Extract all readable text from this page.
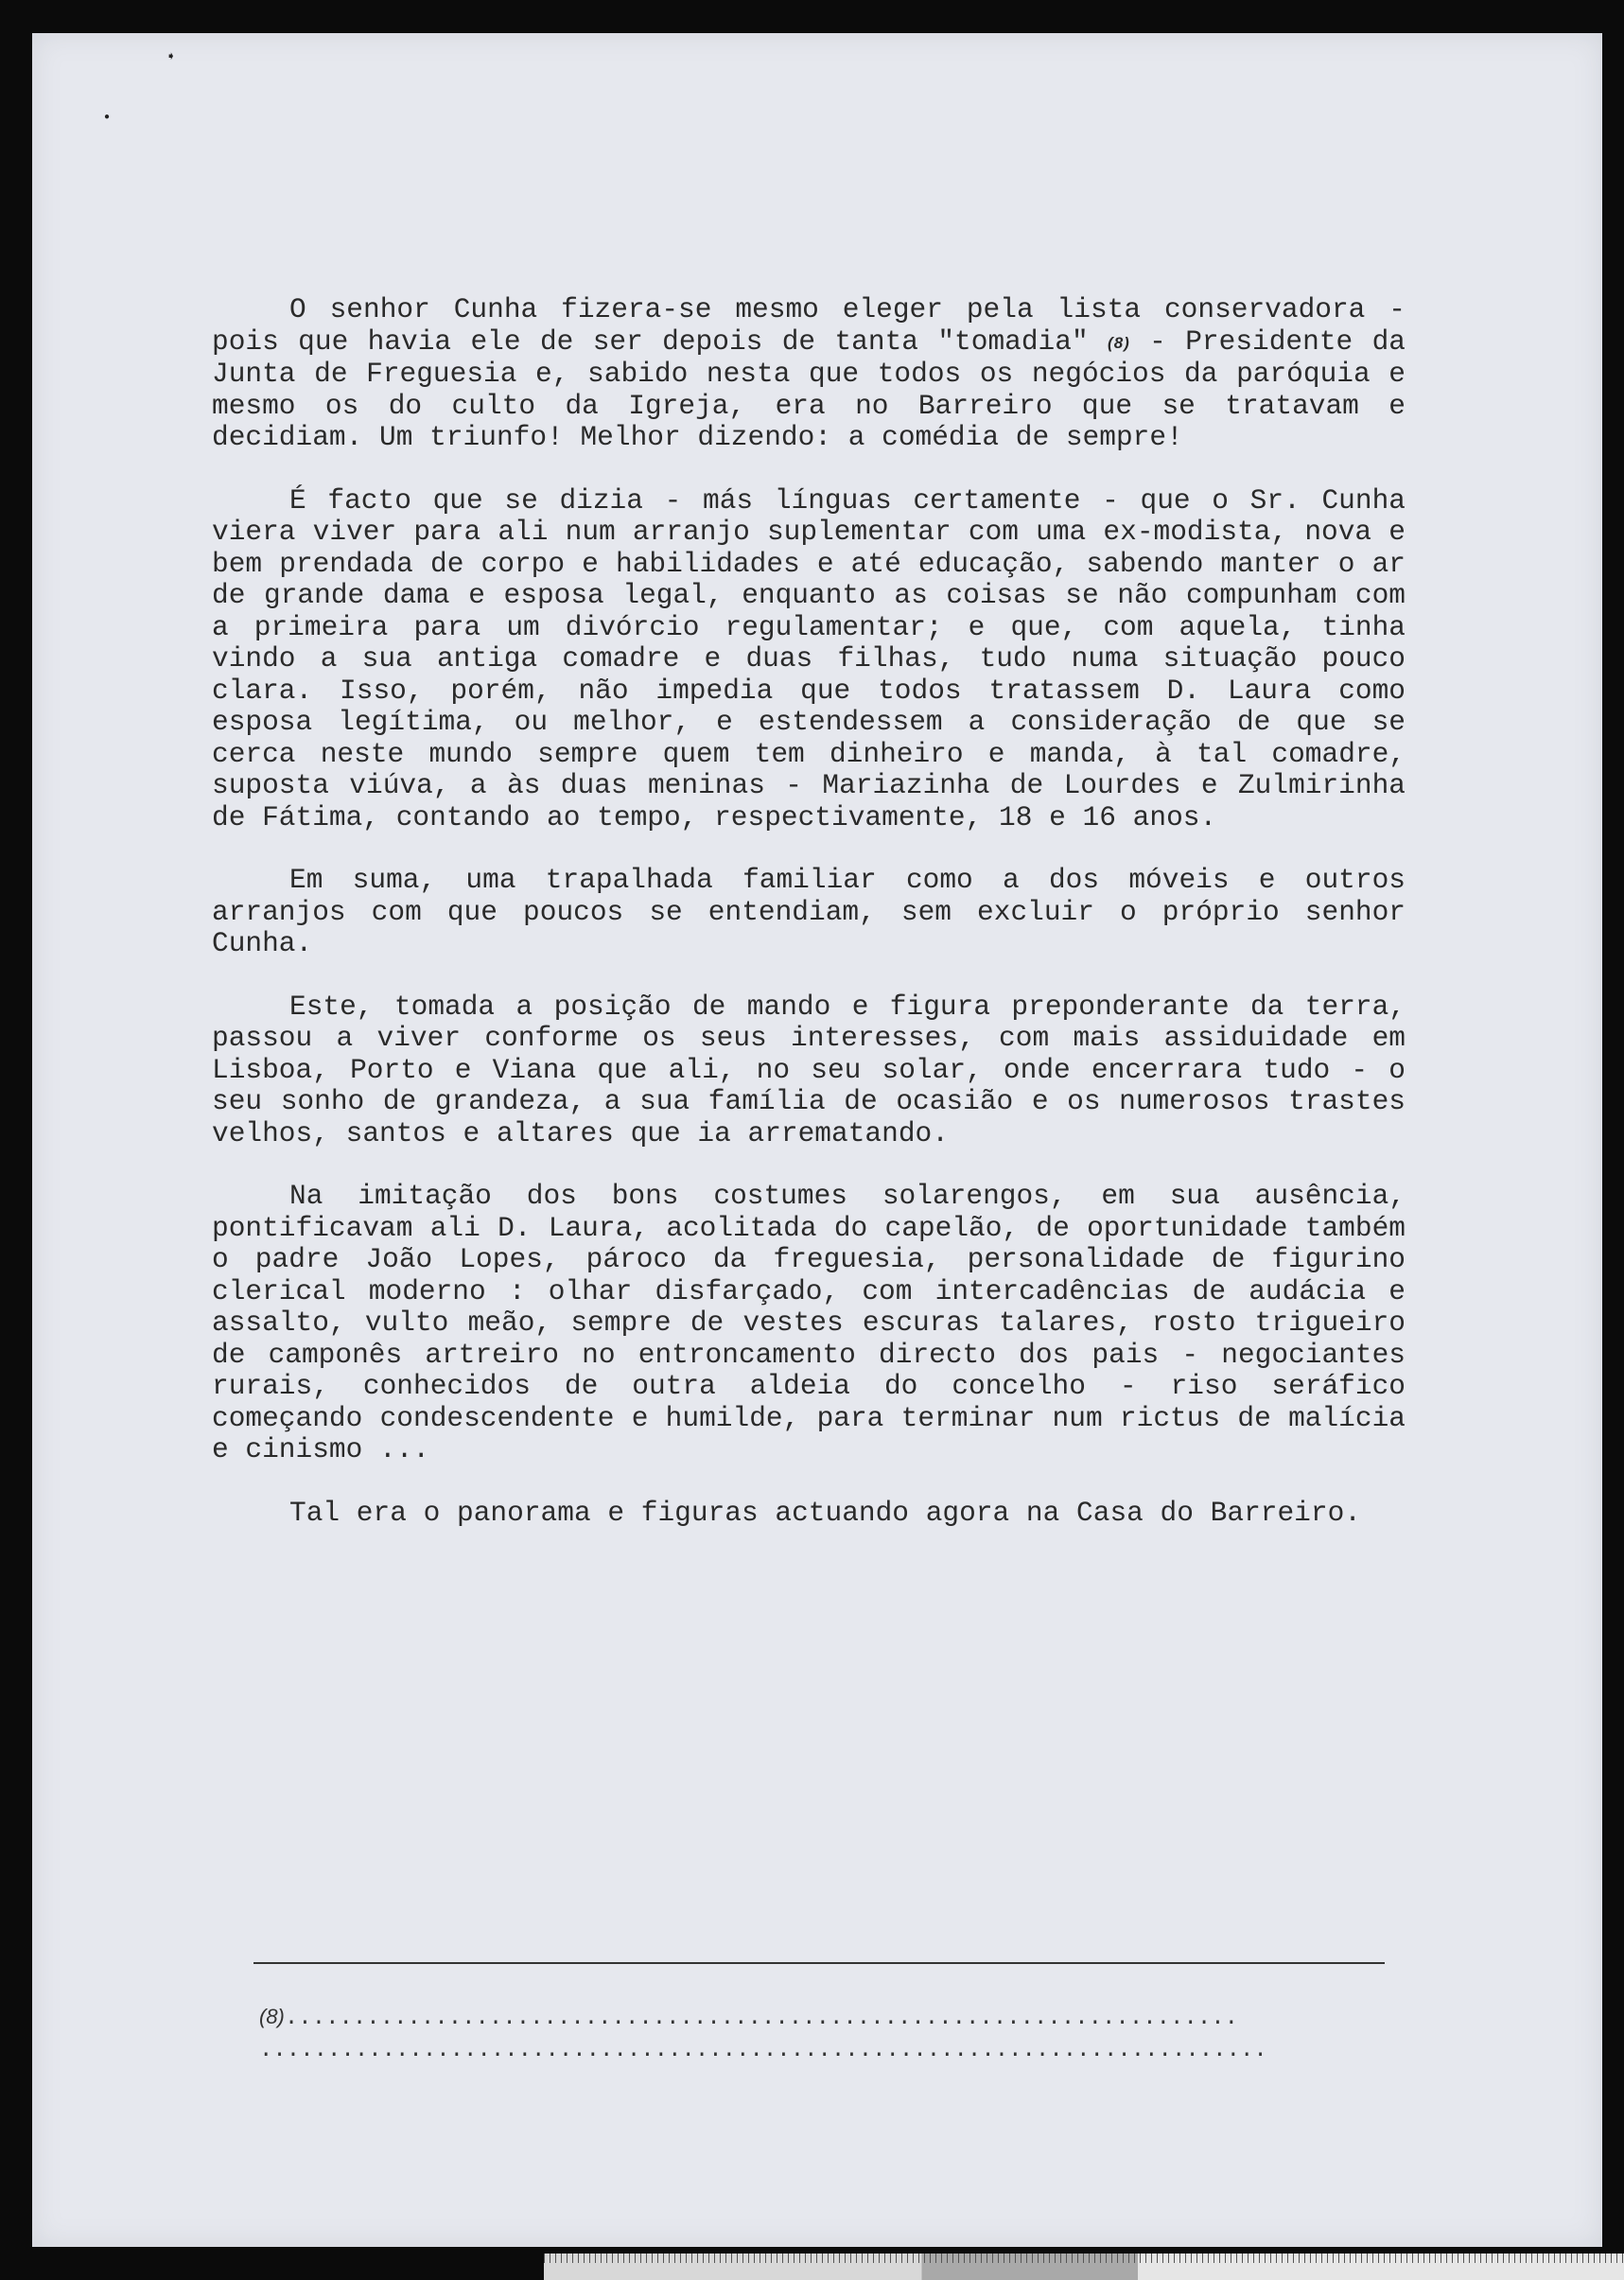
➧
●

O senhor Cunha fizera-se mesmo eleger pela lista conservadora - pois que havia ele de ser depois de tanta "tomadia" (8) - Presidente da Junta de Freguesia e, sabido nesta que todos os negócios da paróquia e mesmo os do culto da Igreja, era no Barreiro que se tratavam e decidiam. Um triunfo! Melhor dizendo: a comédia de sempre!

É facto que se dizia - más línguas certamente - que o Sr. Cunha viera viver para ali num arranjo suplementar com uma ex-modista, nova e bem prendada de corpo e habilidades e até educação, sabendo manter o ar de grande dama e esposa legal, enquanto as coisas se não compunham com a primeira para um divórcio regulamentar; e que, com aquela, tinha vindo a sua antiga comadre e duas filhas, tudo numa situação pouco clara. Isso, porém, não impedia que todos tratassem D. Laura como esposa legítima, ou melhor, e estendessem a consideração de que se cerca neste mundo sempre quem tem dinheiro e manda, à tal comadre, suposta viúva, a às duas meninas - Mariazinha de Lourdes e Zulmirinha de Fátima, contando ao tempo, respectivamente, 18 e 16 anos.

Em suma, uma trapalhada familiar como a dos móveis e outros arranjos com que poucos se entendiam, sem excluir o próprio senhor Cunha.

Este, tomada a posição de mando e figura preponderante da terra, passou a viver conforme os seus interesses, com mais assiduidade em Lisboa, Porto e Viana que ali, no seu solar, onde encerrara tudo - o seu sonho de grandeza, a sua família de ocasião e os numerosos trastes velhos, santos e altares que ia arrematando.

Na imitação dos bons costumes solarengos, em sua ausência, pontificavam ali D. Laura, acolitada do capelão, de oportunidade também o padre João Lopes, pároco da freguesia, personalidade de figurino clerical moderno : olhar disfarçado, com intercadências de audácia e assalto, vulto meão, sempre de vestes escuras talares, rosto trigueiro de camponês artreiro no entroncamento directo dos pais - negociantes rurais, conhecidos de outra aldeia do concelho - riso seráfico começando condescendente e humilde, para terminar num rictus de malícia e cinismo ...

Tal era o panorama e figuras actuando agora na Casa do Barreiro.

(8)......................................................................
..........................................................................
